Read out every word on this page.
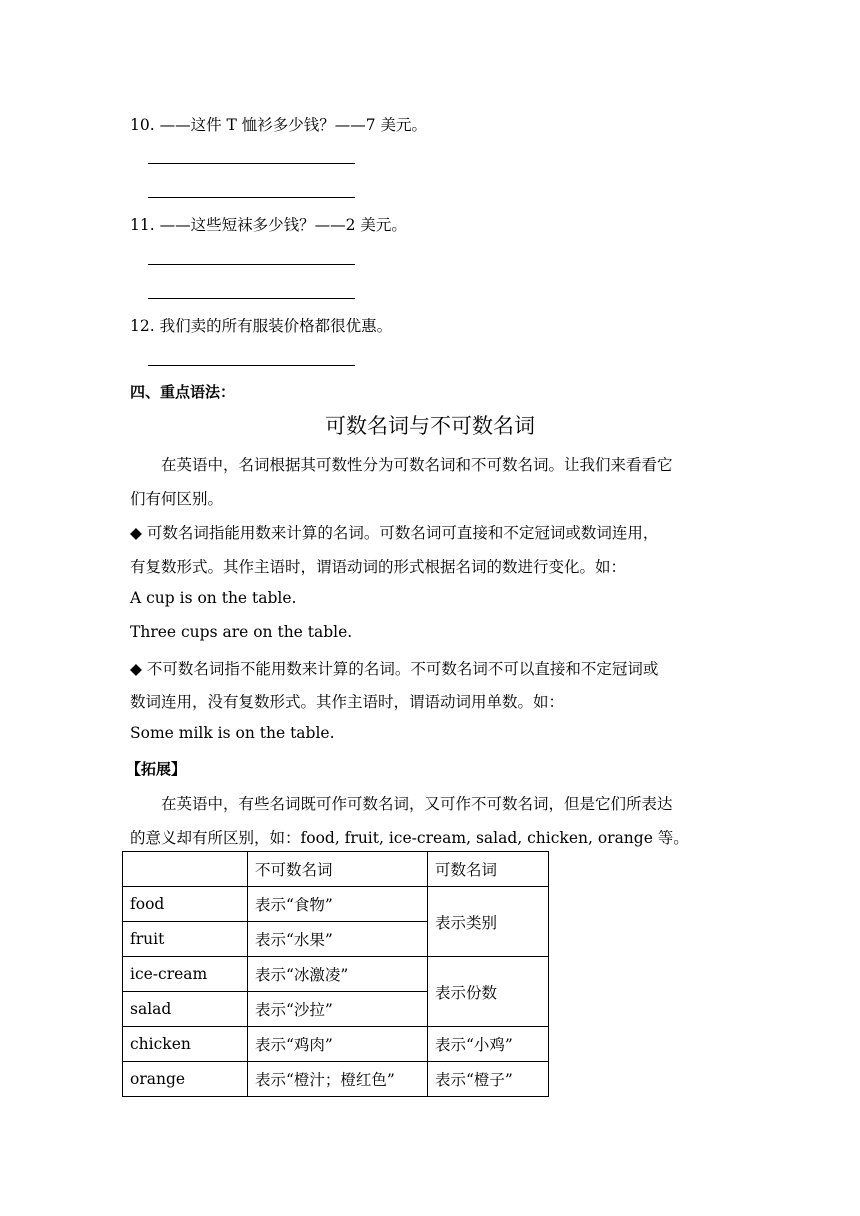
10. ——这件 T 恤衫多少钱？——7 美元。
11. ——这些短袜多少钱？——2 美元。
12. 我们卖的所有服装价格都很优惠。
四、重点语法：
可数名词与不可数名词
在英语中，名词根据其可数性分为可数名词和不可数名词。让我们来看看它
们有何区别。
◆ 可数名词指能用数来计算的名词。可数名词可直接和不定冠词或数词连用，
有复数形式。其作主语时，谓语动词的形式根据名词的数进行变化。如：
A cup is on the table.
Three cups are on the table.
◆ 不可数名词指不能用数来计算的名词。不可数名词不可以直接和不定冠词或
数词连用，没有复数形式。其作主语时，谓语动词用单数。如：
Some milk is on the table.
【拓展】
在英语中，有些名词既可作可数名词，又可作不可数名词，但是它们所表达
的意义却有所区别，如：food, fruit, ice-cream, salad, chicken, orange 等。
	不可数名词	可数名词
food	表示“食物”	表示类别
fruit	表示“水果”	
ice-cream	表示“冰激凌”	表示份数
salad	表示“沙拉”	
chicken	表示“鸡肉”	表示“小鸡”
orange	表示“橙汁；橙红色”	表示“橙子”
